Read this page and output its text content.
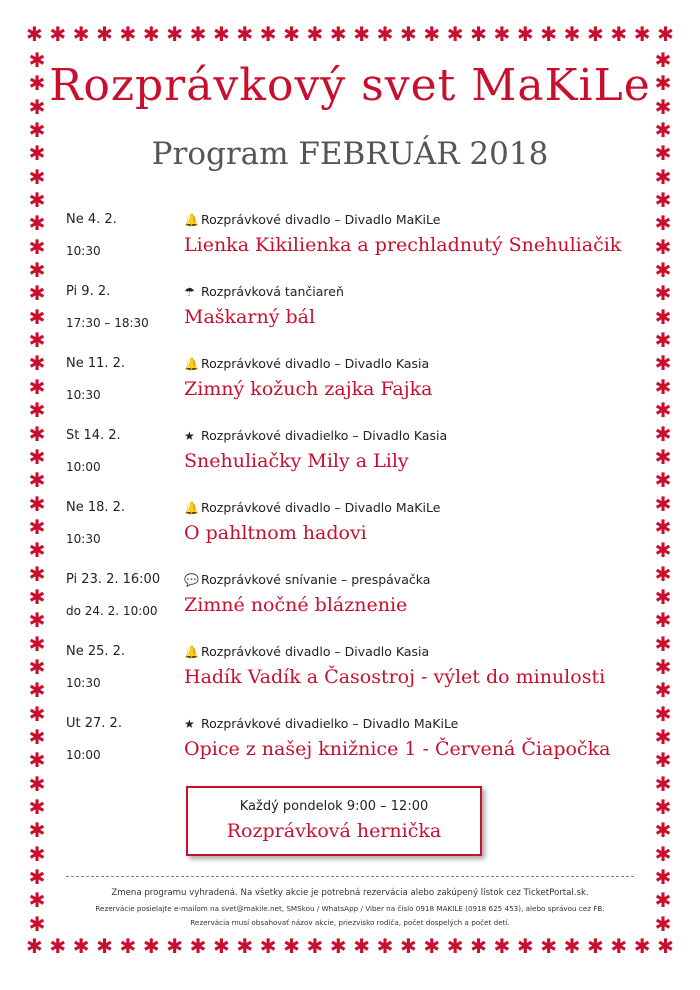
✱ ✱ ✱ ✱ ✱ ✱ ✱ ✱ ✱ ✱ ✱ ✱ ✱ ✱ ✱ ✱ ✱ ✱ ✱ ✱ ✱ ✱ ✱ ✱ ✱ ✱ ✱ ✱
✱ ✱ ✱ ✱ ✱ ✱ ✱ ✱ ✱ ✱ ✱ ✱ ✱ ✱ ✱ ✱ ✱ ✱ ✱ ✱ ✱ ✱ ✱ ✱ ✱ ✱ ✱ ✱
✱
✱
✱
✱
✱
✱
✱
✱
✱
✱
✱
✱
✱
✱
✱
✱
✱
✱
✱
✱
✱
✱
✱
✱
✱
✱
✱
✱
✱
✱
✱
✱
✱
✱
✱
✱
✱
✱
✱
✱
✱
✱
✱
✱
✱
✱
✱
✱
✱
✱
✱
✱
✱
✱
✱
✱
✱
✱
✱
✱
✱
✱
✱
✱
✱
✱
✱
✱
✱
✱
✱
✱
✱
✱
✱
✱
Rozprávkový svet MaKiLe
Program FEBRUÁR 2018
Ne 4. 2.
10:30
🔔 Rozprávkové divadlo – Divadlo MaKiLe
Lienka Kikilienka a prechladnutý Snehuliačik
Pi 9. 2.
17:30 – 18:30
☂ Rozprávková tančiareň
Maškarný bál
Ne 11. 2.
10:30
🔔 Rozprávkové divadlo – Divadlo Kasia
Zimný kožuch zajka Fajka
St 14. 2.
10:00
★ Rozprávkové divadielko – Divadlo Kasia
Snehuliačky Mily a Lily
Ne 18. 2.
10:30
🔔 Rozprávkové divadlo – Divadlo MaKiLe
O pahltnom hadovi
Pi 23. 2. 16:00
do 24. 2. 10:00
💬 Rozprávkové snívanie – prespávačka
Zimné nočné bláznenie
Ne 25. 2.
10:30
🔔 Rozprávkové divadlo – Divadlo Kasia
Hadík Vadík a Časostroj - výlet do minulosti
Ut 27. 2.
10:00
★ Rozprávkové divadielko – Divadlo MaKiLe
Opice z našej knižnice 1 - Červená Čiapočka
Každý pondelok 9:00 – 12:00
Rozprávková hernička
Zmena programu vyhradená. Na všetky akcie je potrebná rezervácia alebo zakúpený lístok cez TicketPortal.sk.
Rezervácie posielajte e-mailom na svet@makile.net, SMSkou / WhatsApp / Viber na číslo 0918 MAKILE (0918 625 453), alebo správou cez FB.
Rezervácia musí obsahovať názov akcie, priezvisko rodiča, počet dospelých a počet detí.
